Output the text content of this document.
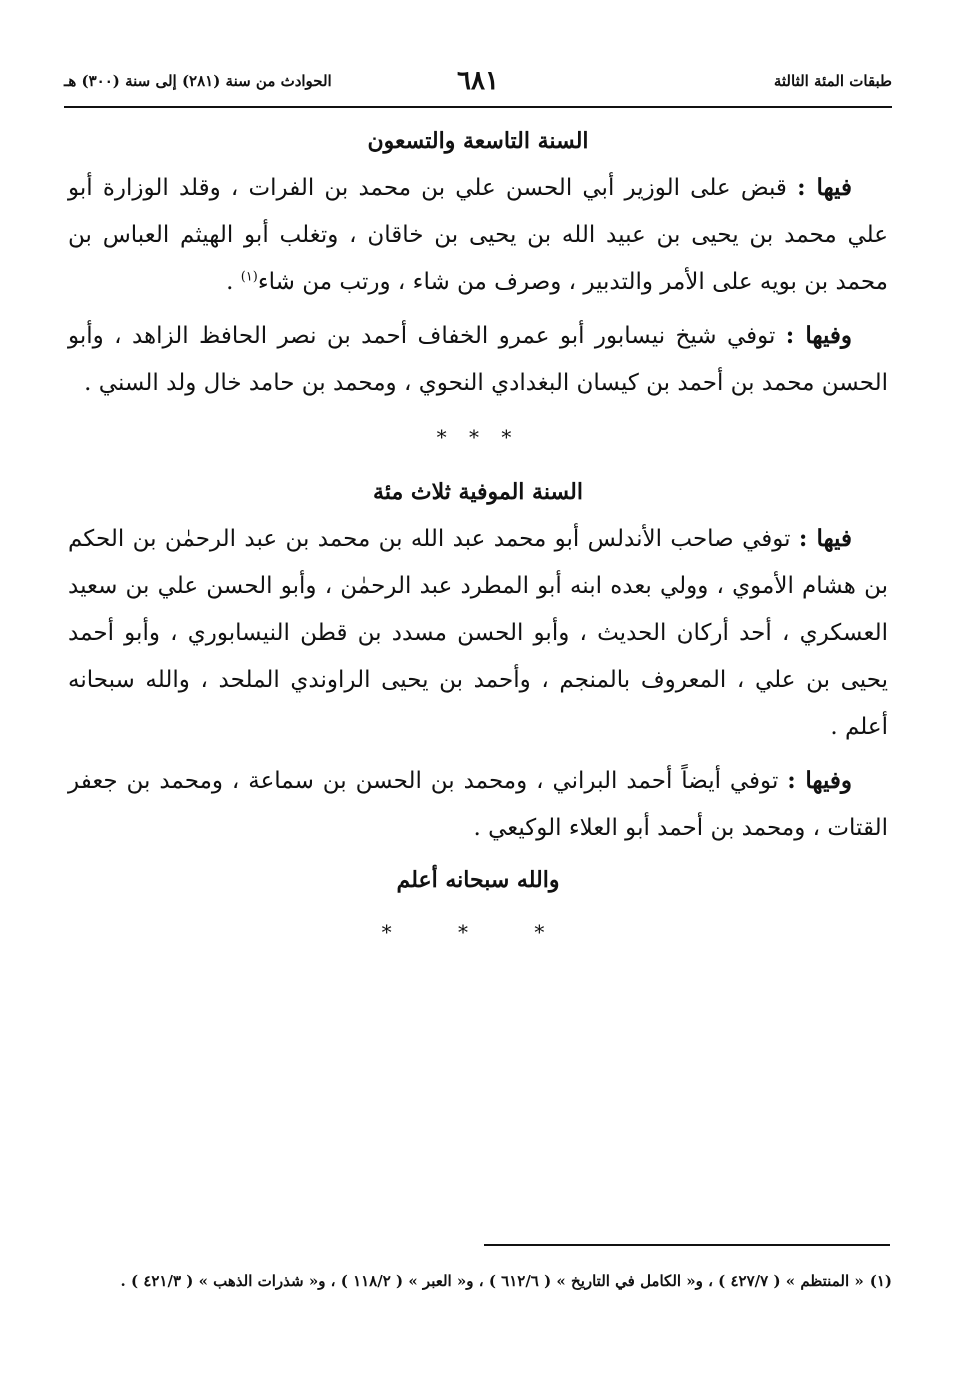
طبقات المئة الثالثة
٦٨١
الحوادث من سنة (٢٨١) إلى سنة (٣٠٠) هـ
السنة التاسعة والتسعون

فيها : قبض على الوزير أبي الحسن علي بن محمد بن الفرات ، وقلد الوزارة أبو علي محمد بن يحيى بن عبيد الله بن يحيى بن خاقان ، وتغلب أبو الهيثم العباس بن محمد بن بويه على الأمر والتدبير ، وصرف من شاء ، ورتب من شاء$^{(١)}$ .

وفيها : توفي شيخ نيسابور أبو عمرو الخفاف أحمد بن نصر الحافظ الزاهد ، وأبو الحسن محمد بن أحمد بن كيسان البغدادي النحوي ، ومحمد بن حامد خال ولد السني .

* * *
السنة الموفية ثلاث مئة

فيها : توفي صاحب الأندلس أبو محمد عبد الله بن محمد بن عبد الرحمٰن بن الحكم بن هشام الأموي ، وولي بعده ابنه أبو المطرد عبد الرحمٰن ، وأبو الحسن علي بن سعيد العسكري ، أحد أركان الحديث ، وأبو الحسن مسدد بن قطن النيسابوري ، وأبو أحمد يحيى بن علي ، المعروف بالمنجم ، وأحمد بن يحيى الراوندي الملحد ، والله سبحانه أعلم .

وفيها : توفي أيضاً أحمد البراني ، ومحمد بن الحسن بن سماعة ، ومحمد بن جعفر القتات ، ومحمد بن أحمد أبو العلاء الوكيعي .

والله سبحانه أعلم

* * *
(١)« المنتظم » ( ٤٢٧/٧ ) ، و« الكامل في التاريخ » ( ٦١٢/٦ ) ، و« العبر » ( ١١٨/٢ ) ، و« شذرات الذهب » ( ٤٢١/٣ ) .
